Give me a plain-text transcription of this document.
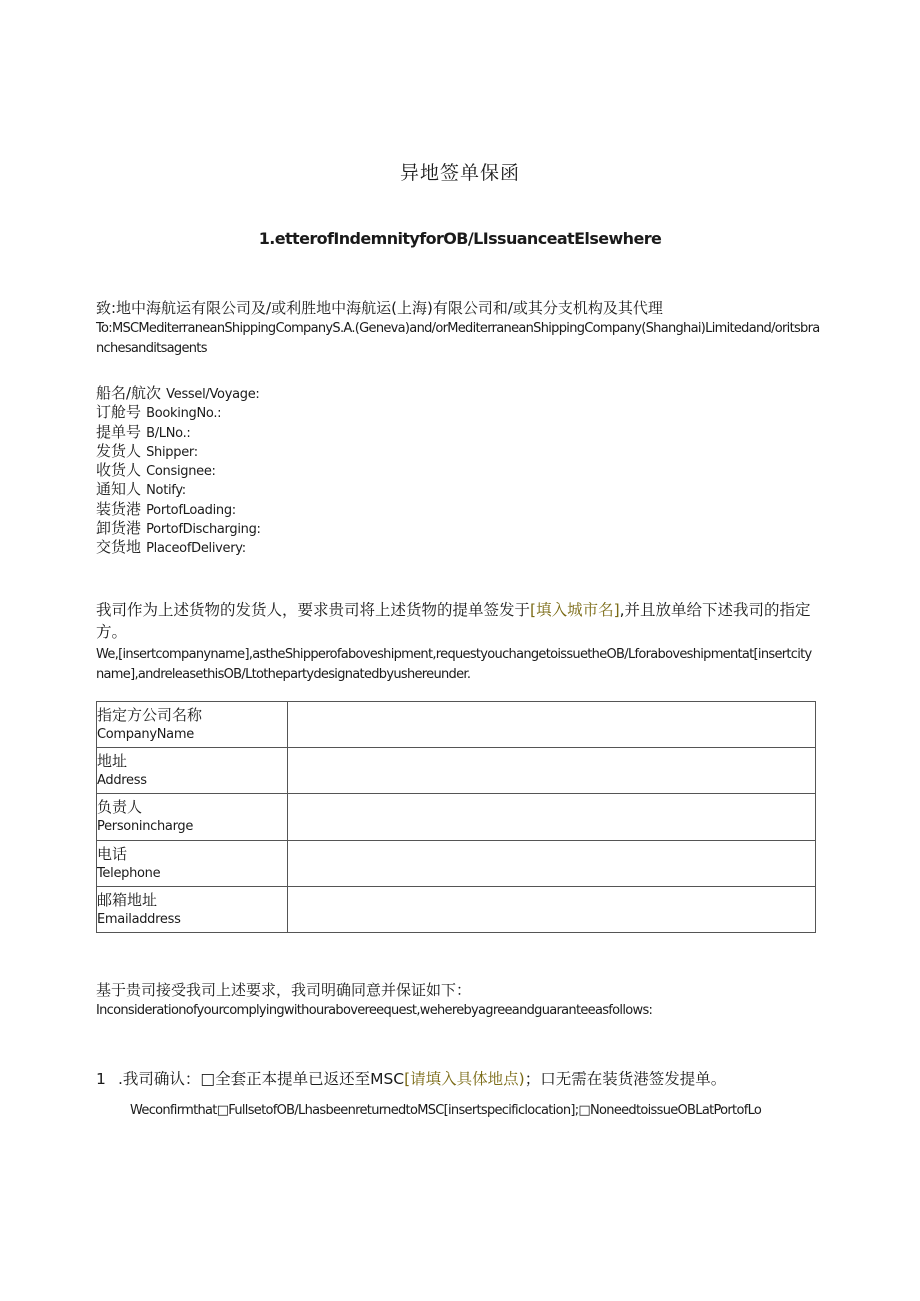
异地签单保函
1.etterofIndemnityforOB/LIssuanceatElsewhere
致:地中海航运有限公司及/或利胜地中海航运(上海)有限公司和/或其分支机构及其代理
To:MSCMediterraneanShippingCompanyS.A.(Geneva)and/orMediterraneanShippingCompany(Shanghai)Limitedand/oritsbranchesanditsagents
船名/航次 Vessel/Voyage:
订舱号 BookingNo.:
提单号 B/LNo.:
发货人 Shipper:
收货人 Consignee:
通知人 Notify:
装货港 PortofLoading:
卸货港 PortofDischarging:
交货地 PlaceofDelivery:
我司作为上述货物的发货人，要求贵司将上述货物的提单签发于[填入城市名],并且放单给下述我司的指定方。
We,[insertcompanyname],astheShipperofaboveshipment,requestyouchangetoissuetheOB/Lforaboveshipmentat[insertcityname],andreleasethisOB/Ltothepartydesignatedbyushereunder.
指定方公司名称
CompanyName	

地址
Address	

负责人
Personincharge	

电话
Telephone	

邮箱地址
Emailaddress	

基于贵司接受我司上述要求，我司明确同意并保证如下：
Inconsiderationofyourcomplyingwithourabovereequest,weherebyagreeandguaranteeasfollows:
1 .我司确认：□全套正本提单已返还至MSC[请填入具体地点)；口无需在装货港签发提单。
Weconfirmthat□FullsetofOB/LhasbeenreturnedtoMSC[insertspecificlocation];□NoneedtoissueOBLatPortofLo
